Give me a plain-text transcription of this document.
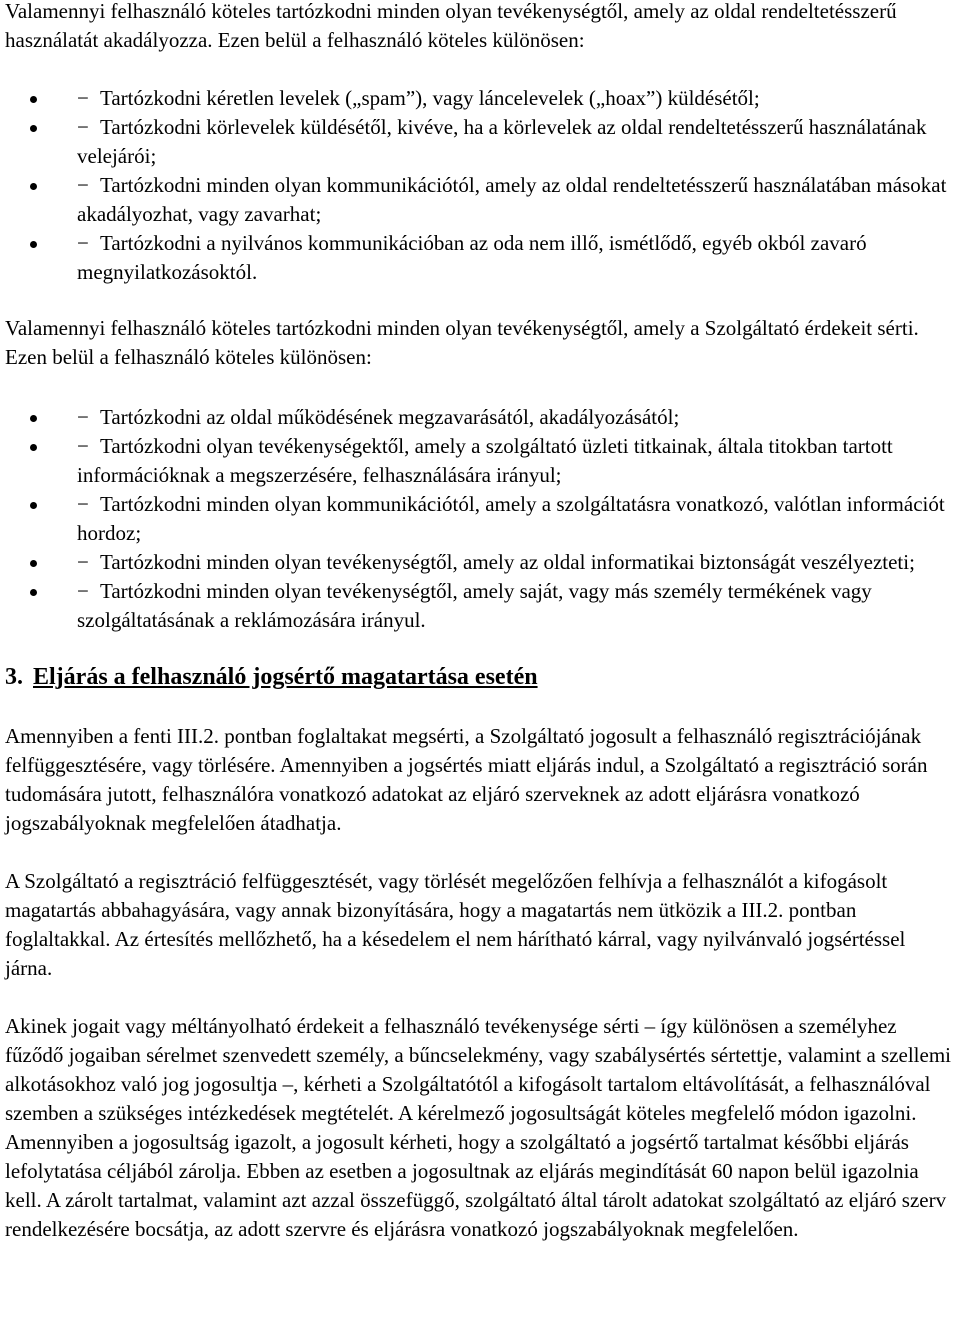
Valamennyi felhasználó köteles tartózkodni minden olyan tevékenységtől, amely az oldal rendeltetésszerű használatát akadályozza. Ezen belül a felhasználó köteles különösen:

− Tartózkodni kéretlen levelek („spam”), vagy láncelevelek („hoax”) küldésétől;
− Tartózkodni körlevelek küldésétől, kivéve, ha a körlevelek az oldal rendeltetésszerű használatának velejárói;
− Tartózkodni minden olyan kommunikációtól, amely az oldal rendeltetésszerű használatában másokat akadályozhat, vagy zavarhat;
− Tartózkodni a nyilvános kommunikációban az oda nem illő, ismétlődő, egyéb okból zavaró megnyilatkozásoktól.

Valamennyi felhasználó köteles tartózkodni minden olyan tevékenységtől, amely a Szolgáltató érdekeit sérti. Ezen belül a felhasználó köteles különösen:

− Tartózkodni az oldal működésének megzavarásától, akadályozásától;
− Tartózkodni olyan tevékenységektől, amely a szolgáltató üzleti titkainak, általa titokban tartott információknak a megszerzésére, felhasználására irányul;
− Tartózkodni minden olyan kommunikációtól, amely a szolgáltatásra vonatkozó, valótlan információt hordoz;
− Tartózkodni minden olyan tevékenységtől, amely az oldal informatikai biztonságát veszélyezteti;
− Tartózkodni minden olyan tevékenységtől, amely saját, vagy más személy termékének vagy szolgáltatásának a reklámozására irányul.
3. Eljárás a felhasználó jogsértő magatartása esetén

Amennyiben a fenti III.2. pontban foglaltakat megsérti, a Szolgáltató jogosult a felhasználó regisztrációjának felfüggesztésére, vagy törlésére. Amennyiben a jogsértés miatt eljárás indul, a Szolgáltató a regisztráció során tudomására jutott, felhasználóra vonatkozó adatokat az eljáró szerveknek az adott eljárásra vonatkozó jogszabályoknak megfelelően átadhatja.

A Szolgáltató a regisztráció felfüggesztését, vagy törlését megelőzően felhívja a felhasználót a kifogásolt magatartás abbahagyására, vagy annak bizonyítására, hogy a magatartás nem ütközik a III.2. pontban foglaltakkal. Az értesítés mellőzhető, ha a késedelem el nem hárítható kárral, vagy nyilvánvaló jogsértéssel járna.

Akinek jogait vagy méltányolható érdekeit a felhasználó tevékenysége sérti – így különösen a személyhez fűződő jogaiban sérelmet szenvedett személy, a bűncselekmény, vagy szabálysértés sértettje, valamint a szellemi alkotásokhoz való jog jogosultja –, kérheti a Szolgáltatótól a kifogásolt tartalom eltávolítását, a felhasználóval szemben a szükséges intézkedések megtételét. A kérelmező jogosultságát köteles megfelelő módon igazolni. Amennyiben a jogosultság igazolt, a jogosult kérheti, hogy a szolgáltató a jogsértő tartalmat későbbi eljárás lefolytatása céljából zárolja. Ebben az esetben a jogosultnak az eljárás megindítását 60 napon belül igazolnia kell. A zárolt tartalmat, valamint azt azzal összefüggő, szolgáltató által tárolt adatokat szolgáltató az eljáró szerv rendelkezésére bocsátja, az adott szervre és eljárásra vonatkozó jogszabályoknak megfelelően.
